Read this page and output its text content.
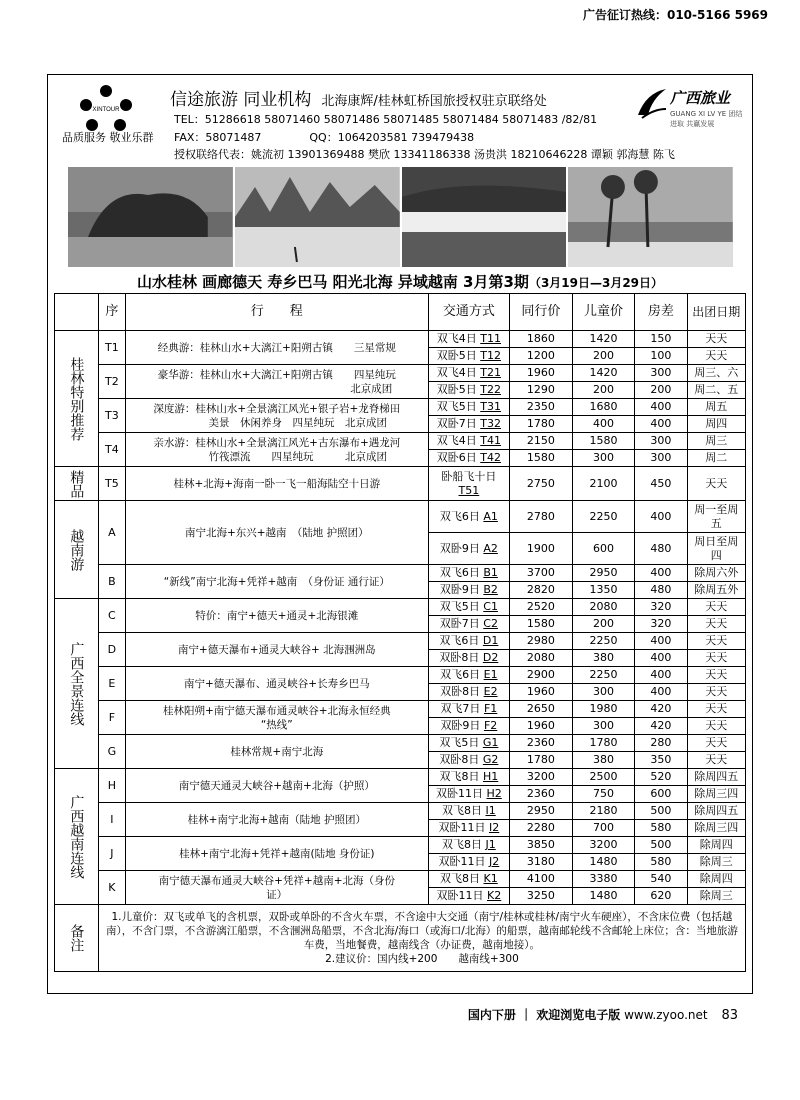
广告征订热线：010-5166 5969
XINTOUR	信途旅游 同业机构 北海康辉/桂林虹桥国旅授权驻京联络处
TEL：51286618 58071460 58071486 58071485 58071484 58071483 /82/81
品质服务 敬业乐群 FAX：58071487	QQ：1064203581 739479438
授权联络代表：姚流初 13901369488 樊欣 13341186338 汤贵洪 18210646228 谭颖 郭海慧 陈飞
广西旅业
GUANG XI LV YE 团结进取 共赢发展
山水桂林 画廊德天 寿乡巴马 阳光北海 异域越南 3月第3期（3月19日—3月29日）
	序	行　　程	交通方式	同行价	儿童价	房差	出团日期
桂林特别推荐	T1	经典游：桂林山水+大漓江+阳朔古镇　　三星常规	双飞4日 T11	1860	1420	150	天天
			双卧5日 T12	1200	200	100	天天
	T2	豪华游：桂林山水+大漓江+阳朔古镇　　四星纯玩
　　　　　　　　　　　　　　　　　　北京成团	双飞4日 T21	1960	1420	300	周三、六
			双卧5日 T22	1290	200	200	周二、五
	T3	深度游：桂林山水+全景漓江风光+银子岩+龙脊梯田
　　　　美景　休闲养身　四星纯玩　北京成团	双飞5日 T31	2350	1680	400	周五
			双卧7日 T32	1780	400	400	周四
	T4	亲水游：桂林山水+全景漓江风光+古东瀑布+遇龙河
　　　　竹筏漂流　　四星纯玩　　　北京成团	双飞4日 T41	2150	1580	300	周三
			双卧6日 T42	1580	300	300	周二
精品	T5	桂林+北海+海南一卧一飞一船海陆空十日游	卧船飞十日 T51	2750	2100	450	天天
越南游	A	南宁北海+东兴+越南　（陆地 护照团）	双飞6日 A1	2780	2250	400	周一至周五
			双卧9日 A2	1900	600	480	周日至周四
	B	“新线”南宁北海+凭祥+越南　（身份证 通行证）	双飞6日 B1	3700	2950	400	除周六外
			双卧9日 B2	2820	1350	480	除周五外
广西全景连线	C	特价：南宁+德天+通灵+北海银滩	双飞5日 C1	2520	2080	320	天天
			双卧7日 C2	1580	200	320	天天
	D	南宁+德天瀑布+通灵大峡谷+ 北海涠洲岛	双飞6日 D1	2980	2250	400	天天
			双卧8日 D2	2080	380	400	天天
	E	南宁+德天瀑布、通灵峡谷+长寿乡巴马	双飞6日 E1	2900	2250	400	天天
			双卧8日 E2	1960	300	400	天天
	F	桂林阳朔+南宁德天瀑布通灵峡谷+北海永恒经典
“热线”	双飞7日 F1	2650	1980	420	天天
			双卧9日 F2	1960	300	420	天天
	G	桂林常规+南宁北海	双飞5日 G1	2360	1780	280	天天
			双卧8日 G2	1780	380	350	天天
广西越南连线	H	南宁德天通灵大峡谷+越南+北海（护照）	双飞8日 H1	3200	2500	520	除周四五
			双卧11日 H2	2360	750	600	除周三四
	I	桂林+南宁北海+越南（陆地 护照团）	双飞8日 I1	2950	2180	500	除周四五
			双卧11日 I2	2280	700	580	除周三四
	J	桂林+南宁北海+凭祥+越南(陆地 身份证)	双飞8日 J1	3850	3200	500	除周四
			双卧11日 J2	3180	1480	580	除周三
	K	南宁德天瀑布通灵大峡谷+凭祥+越南+北海（身份
证）	双飞8日 K1	4100	3380	540	除周四
			双卧11日 K2	3250	1480	620	除周三
备注	1.儿童价：双飞或单飞的含机票，双卧或单卧的不含火车票，不含途中大交通（南宁/桂林或桂林/南宁火车硬座），不含床位费（包括越南），不含门票，不含游漓江船票，不含涠洲岛船票，不含北海/海口（或海口/北海）的船票，越南邮轮线不含邮轮上床位；含：当地旅游车费，当地餐费，越南线含（办证费，越南地接）。
2.建议价：国内线+200　　越南线+300						
国内下册 ｜ 欢迎浏览电子版 www.zyoo.net 83
